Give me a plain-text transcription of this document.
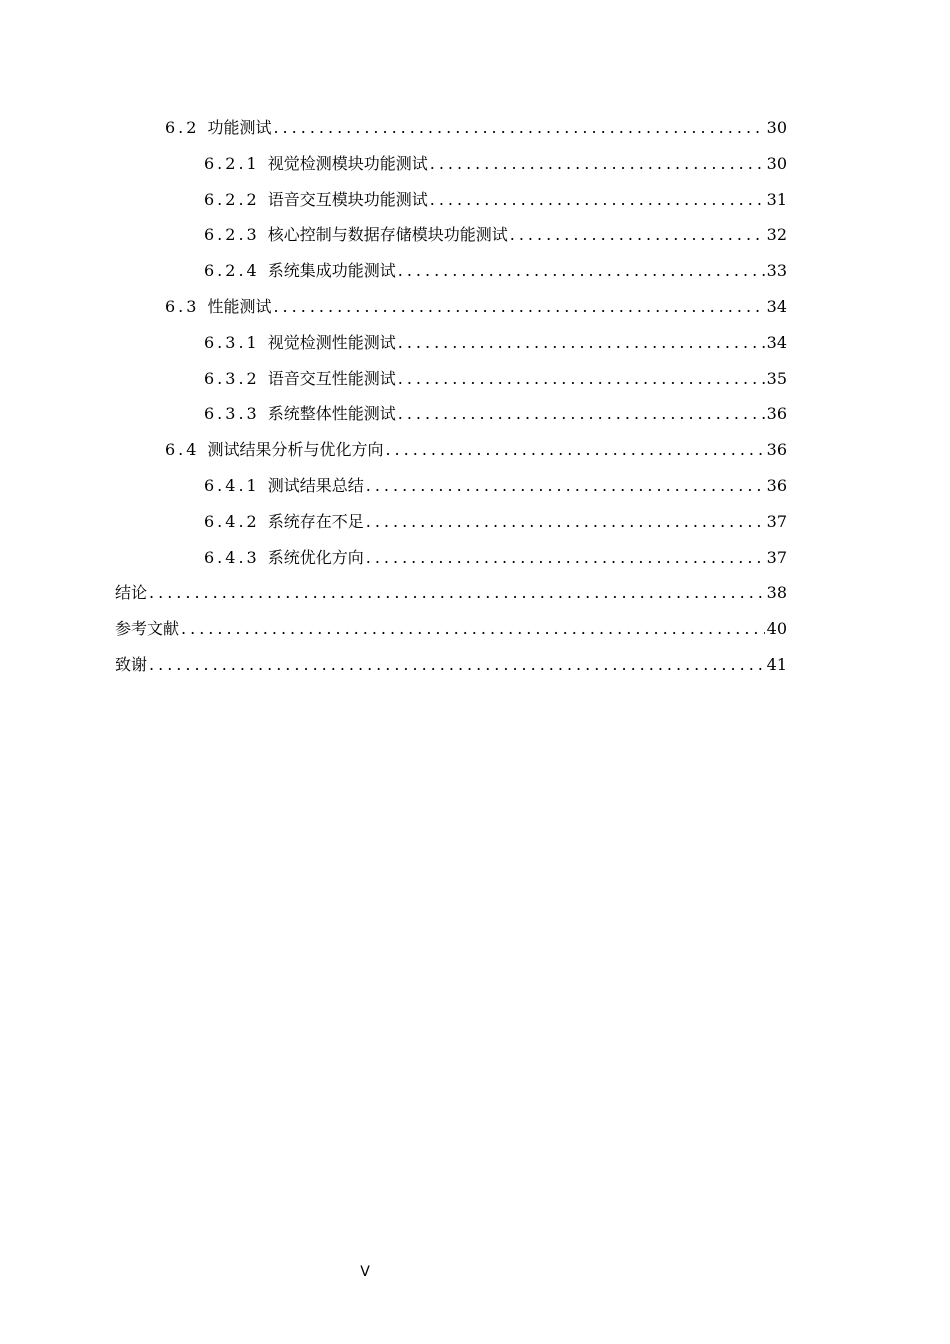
6.2 功能测试 .....	30
6.2.1 视觉检测模块功能测试 .....	30
6.2.2 语音交互模块功能测试 .....	31
6.2.3 核心控制与数据存储模块功能测试 .....	32
6.2.4 系统集成功能测试 .....	33
6.3 性能测试 .....	34
6.3.1 视觉检测性能测试 .....	34
6.3.2 语音交互性能测试 .....	35
6.3.3 系统整体性能测试 .....	36
6.4 测试结果分析与优化方向 .....	36
6.4.1 测试结果总结 .....	36
6.4.2 系统存在不足 .....	37
6.4.3 系统优化方向 .....	37
结论 .....	38
参考文献 .....	40
致谢 .....	41
V
